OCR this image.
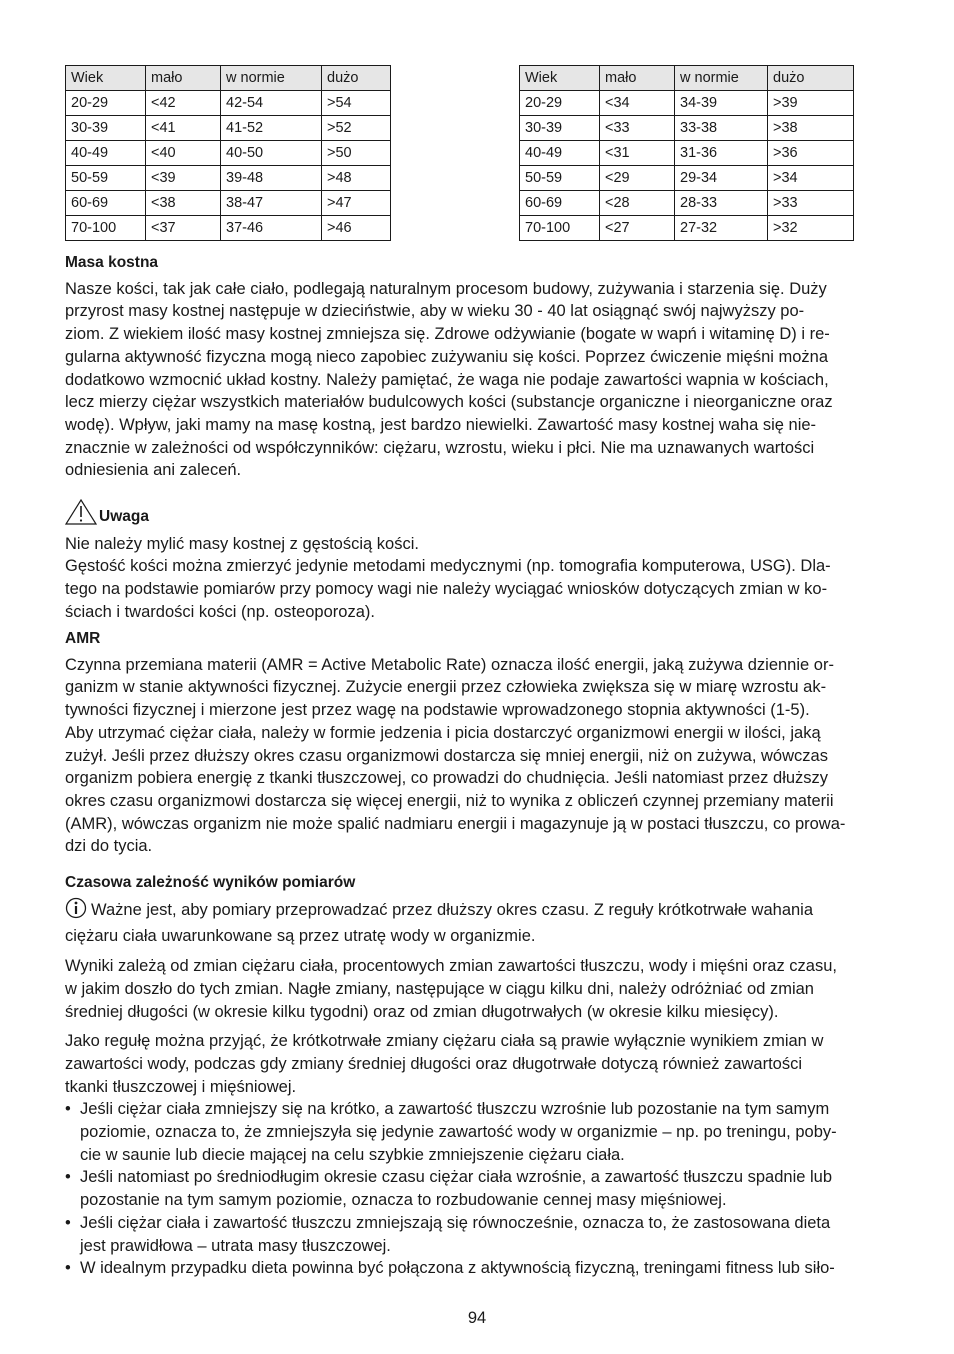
Wiek	mało	w normie	dużo
20-29	<42	42-54	>54
30-39	<41	41-52	>52
40-49	<40	40-50	>50
50-59	<39	39-48	>48
60-69	<38	38-47	>47
70-100	<37	37-46	>46
Wiek	mało	w normie	dużo
20-29	<34	34-39	>39
30-39	<33	33-38	>38
40-49	<31	31-36	>36
50-59	<29	29-34	>34
60-69	<28	28-33	>33
70-100	<27	27-32	>32
Masa kostna
Nasze kości, tak jak całe ciało, podlegają naturalnym procesom budowy, zużywania i starzenia się. Duży
przyrost masy kostnej następuje w dzieciństwie, aby w wieku 30 - 40 lat osiągnąć swój najwyższy po-
ziom. Z wiekiem ilość masy kostnej zmniejsza się. Zdrowe odżywianie (bogate w wapń i witaminę D) i re-
gularna aktywność fizyczna mogą nieco zapobiec zużywaniu się kości. Poprzez ćwiczenie mięśni można
dodatkowo wzmocnić układ kostny. Należy pamiętać, że waga nie podaje zawartości wapnia w kościach,
lecz mierzy ciężar wszystkich materiałów budulcowych kości (substancje organiczne i nieorganiczne oraz
wodę). Wpływ, jaki mamy na masę kostną, jest bardzo niewielki. Zawartość masy kostnej waha się nie-
znacznie w zależności od współczynników: ciężaru, wzrostu, wieku i płci. Nie ma uznawanych wartości
odniesienia ani zaleceń.
Uwaga
Nie należy mylić masy kostnej z gęstością kości.
Gęstość kości można zmierzyć jedynie metodami medycznymi (np. tomografia komputerowa, USG). Dla-
tego na podstawie pomiarów przy pomocy wagi nie należy wyciągać wniosków dotyczących zmian w ko-
ściach i twardości kości (np. osteoporoza).
AMR
Czynna przemiana materii (AMR = Active Metabolic Rate) oznacza ilość energii, jaką zużywa dziennie or-
ganizm w stanie aktywności fizycznej. Zużycie energii przez człowieka zwiększa się w miarę wzrostu ak-
tywności fizycznej i mierzone jest przez wagę na podstawie wprowadzonego stopnia aktywności (1-5).
Aby utrzymać ciężar ciała, należy w formie jedzenia i picia dostarczyć organizmowi energii w ilości, jaką
zużył. Jeśli przez dłuższy okres czasu organizmowi dostarcza się mniej energii, niż on zużywa, wówczas
organizm pobiera energię z tkanki tłuszczowej, co prowadzi do chudnięcia. Jeśli natomiast przez dłuższy
okres czasu organizmowi dostarcza się więcej energii, niż to wynika z obliczeń czynnej przemiany materii
(AMR), wówczas organizm nie może spalić nadmiaru energii i magazynuje ją w postaci tłuszczu, co prowa-
dzi do tycia.
Czasowa zależność wyników pomiarów
Ważne jest, aby pomiary przeprowadzać przez dłuższy okres czasu. Z reguły krótkotrwałe wahania
ciężaru ciała uwarunkowane są przez utratę wody w organizmie.
Wyniki zależą od zmian ciężaru ciała, procentowych zmian zawartości tłuszczu, wody i mięśni oraz czasu,
w jakim doszło do tych zmian. Nagłe zmiany, następujące w ciągu kilku dni, należy odróżniać od zmian
średniej długości (w okresie kilku tygodni) oraz od zmian długotrwałych (w okresie kilku miesięcy).
Jako regułę można przyjąć, że krótkotrwałe zmiany ciężaru ciała są prawie wyłącznie wynikiem zmian w
zawartości wody, podczas gdy zmiany średniej długości oraz długotrwałe dotyczą również zawartości
tkanki tłuszczowej i mięśniowej.
• Jeśli ciężar ciała zmniejszy się na krótko, a zawartość tłuszczu wzrośnie lub pozostanie na tym samym
poziomie, oznacza to, że zmniejszyła się jedynie zawartość wody w organizmie – np. po treningu, poby-
cie w saunie lub diecie mającej na celu szybkie zmniejszenie ciężaru ciała.
• Jeśli natomiast po średniodługim okresie czasu ciężar ciała wzrośnie, a zawartość tłuszczu spadnie lub
pozostanie na tym samym poziomie, oznacza to rozbudowanie cennej masy mięśniowej.
• Jeśli ciężar ciała i zawartość tłuszczu zmniejszają się równocześnie, oznacza to, że zastosowana dieta
jest prawidłowa – utrata masy tłuszczowej.
• W idealnym przypadku dieta powinna być połączona z aktywnością fizyczną, treningami fitness lub siło-
94
